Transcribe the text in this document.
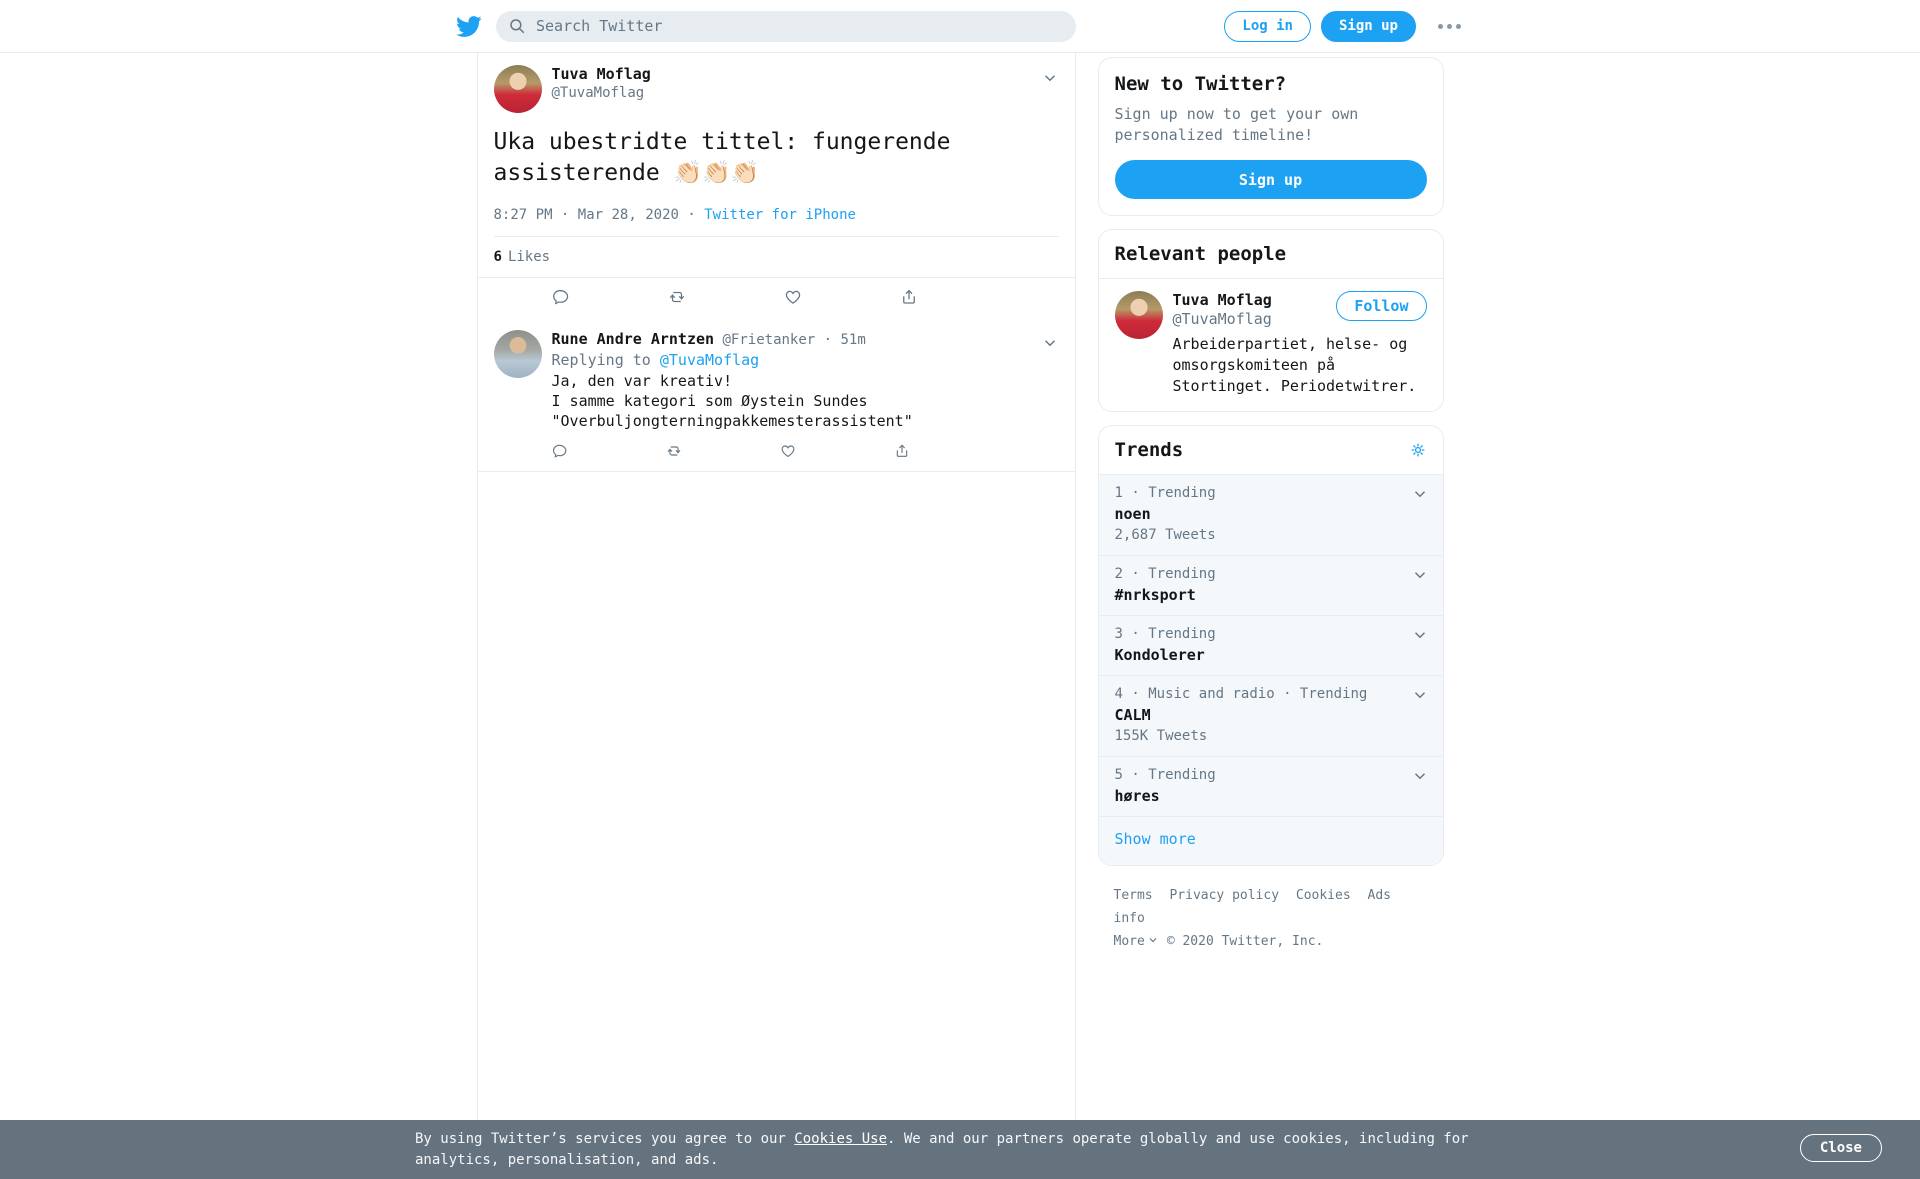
Search Twitter
Log in	Sign up
Tuva Moflag
@TuvaMoflag
Uka ubestridte tittel: fungerende assisterende 👏🏻👏🏻👏🏻
8:27 PM · Mar 28, 2020 · Twitter for iPhone
6 Likes
Rune Andre Arntzen @Frietanker · 51m
Replying to @TuvaMoflag
Ja, den var kreativ!
I samme kategori som Øystein Sundes
"Overbuljongterningpakkemesterassistent"
New to Twitter?

Sign up now to get your own personalized timeline!

Sign up
Relevant people
Tuva Moflag
@TuvaMoflag
Follow
Arbeiderpartiet, helse- og omsorgskomiteen på Stortinget. Periodetwitrer.
Trends
1 · Trending
noen
2,687 Tweets
2 · Trending
#nrksport
3 · Trending
Kondolerer
4 · Music and radio · Trending
CALM
155K Tweets
5 · Trending
høres
Show more
Terms Privacy policy Cookies Ads info
More © 2020 Twitter, Inc.
By using Twitter’s services you agree to our Cookies Use. We and our partners operate globally and use cookies, including for analytics, personalisation, and ads.
Close
